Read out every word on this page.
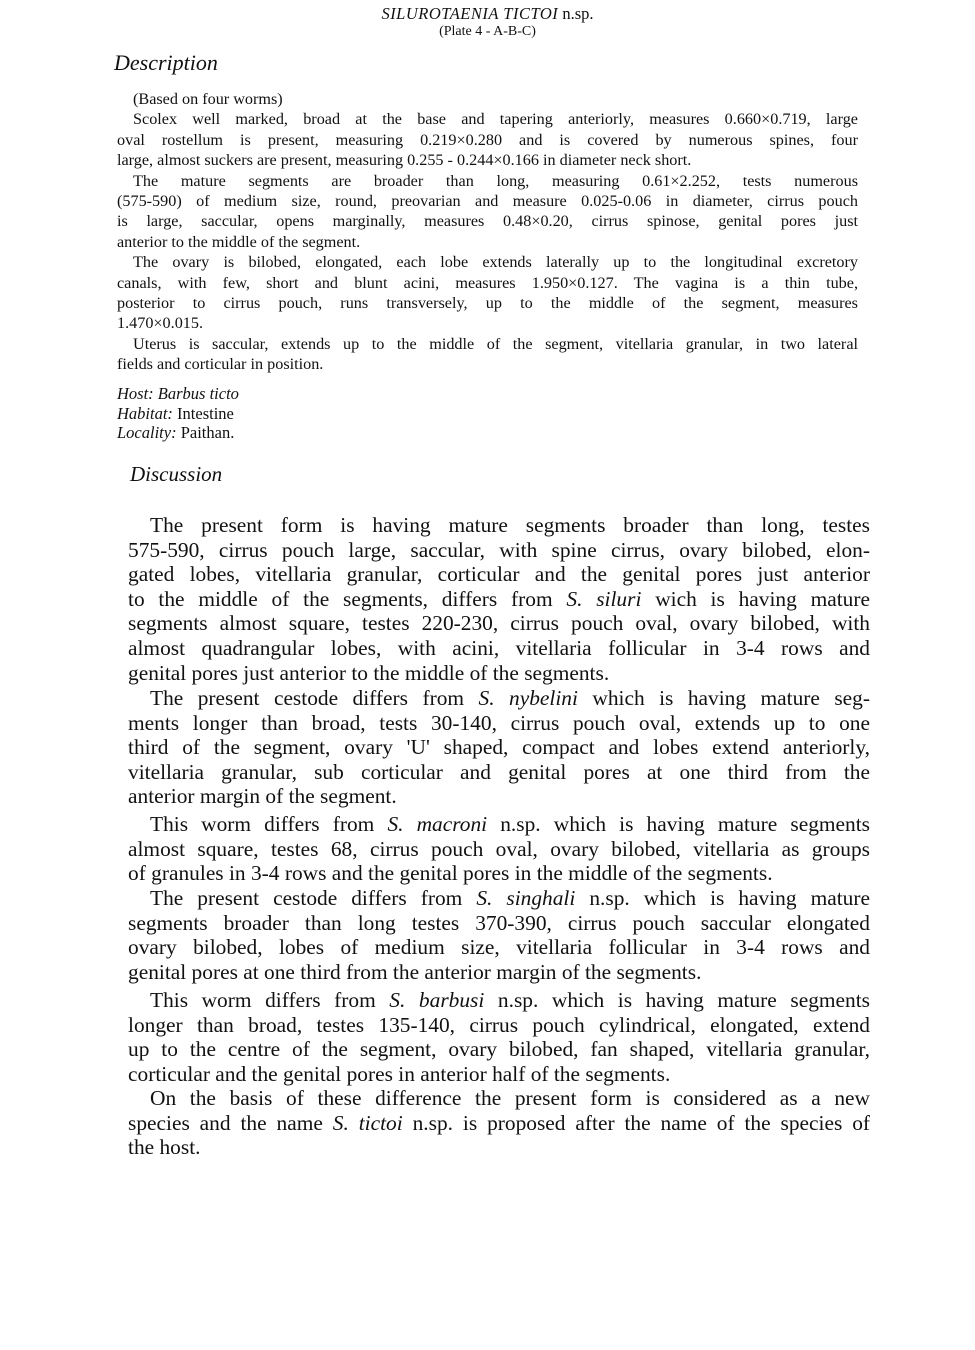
SILUROTAENIA TICTOI n.sp.
(Plate 4 - A-B-C)
Description
(Based on four worms)
Scolex well marked, broad at the base and tapering anteriorly, measures 0.660×0.719, large
oval rostellum is present, measuring 0.219×0.280 and is covered by numerous spines, four
large, almost suckers are present, measuring 0.255 - 0.244×0.166 in diameter neck short.
The mature segments are broader than long, measuring 0.61×2.252, tests numerous
(575-590) of medium size, round, preovarian and measure 0.025-0.06 in diameter, cirrus pouch
is large, saccular, opens marginally, measures 0.48×0.20, cirrus spinose, genital pores just
anterior to the middle of the segment.
The ovary is bilobed, elongated, each lobe extends laterally up to the longitudinal excretory
canals, with few, short and blunt acini, measures 1.950×0.127. The vagina is a thin tube,
posterior to cirrus pouch, runs transversely, up to the middle of the segment, measures
1.470×0.015.
Uterus is saccular, extends up to the middle of the segment, vitellaria granular, in two lateral
fields and corticular in position.
Host: Barbus ticto
Habitat: Intestine
Locality: Paithan.
Discussion
The present form is having mature segments broader than long, testes
575-590, cirrus pouch large, saccular, with spine cirrus, ovary bilobed, elon-
gated lobes, vitellaria granular, corticular and the genital pores just anterior
to the middle of the segments, differs from S. siluri wich is having mature
segments almost square, testes 220-230, cirrus pouch oval, ovary bilobed, with
almost quadrangular lobes, with acini, vitellaria follicular in 3-4 rows and
genital pores just anterior to the middle of the segments.
The present cestode differs from S. nybelini which is having mature seg-
ments longer than broad, tests 30-140, cirrus pouch oval, extends up to one
third of the segment, ovary 'U' shaped, compact and lobes extend anteriorly,
vitellaria granular, sub corticular and genital pores at one third from the
anterior margin of the segment.
This worm differs from S. macroni n.sp. which is having mature segments
almost square, testes 68, cirrus pouch oval, ovary bilobed, vitellaria as groups
of granules in 3-4 rows and the genital pores in the middle of the segments.
The present cestode differs from S. singhali n.sp. which is having mature
segments broader than long testes 370-390, cirrus pouch saccular elongated
ovary bilobed, lobes of medium size, vitellaria follicular in 3-4 rows and
genital pores at one third from the anterior margin of the segments.
This worm differs from S. barbusi n.sp. which is having mature segments
longer than broad, testes 135-140, cirrus pouch cylindrical, elongated, extend
up to the centre of the segment, ovary bilobed, fan shaped, vitellaria granular,
corticular and the genital pores in anterior half of the segments.
On the basis of these difference the present form is considered as a new
species and the name S. tictoi n.sp. is proposed after the name of the species of
the host.
